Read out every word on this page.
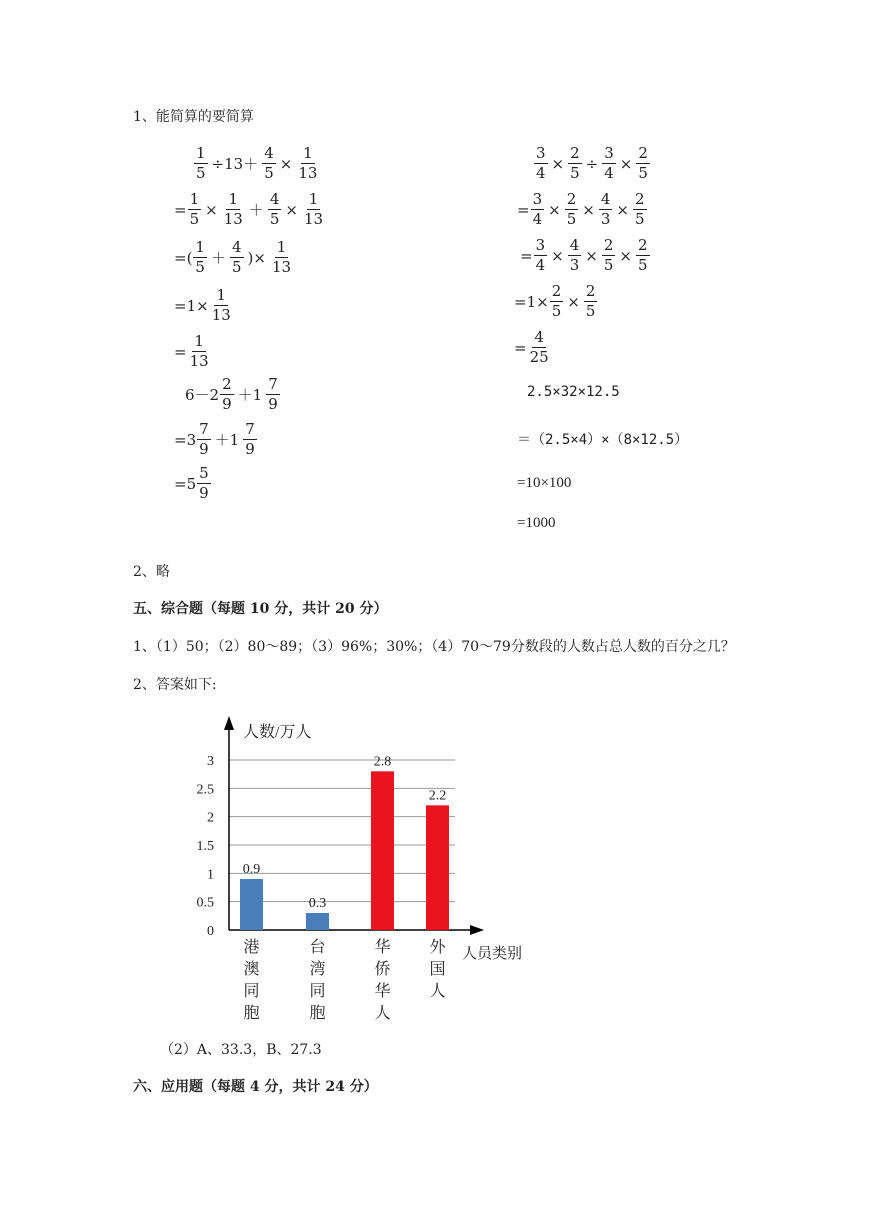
1、能简算的要简算
$\frac{1}{5} \div 13+ \frac{4}{5} \times \frac{1}{13}$
= $\frac{1}{5} \times \frac{1}{13} + \frac{4}{5} \times \frac{1}{13}$
=( $\frac{1}{5} + \frac{4}{5}$ )× $\frac{1}{13}$
$=1\times \frac{1}{13}$
= $\frac{1}{13}$
$6-2 \frac{2}{9} +1 \frac{7}{9}$
$=3 \frac{7}{9} +1 \frac{7}{9}$
$=5 \frac{5}{9}$
$\frac{3}{4} \times \frac{2}{5} \div \frac{3}{4} \times \frac{2}{5}$
= $\frac{3}{4} \times \frac{2}{5} \times \frac{4}{3} \times \frac{2}{5}$
= $\frac{3}{4} \times \frac{4}{3} \times \frac{2}{5} \times \frac{2}{5}$
$=1\times \frac{2}{5} \times \frac{2}{5}$
= $\frac{4}{25}$
2.5×32×12.5
＝（2.5×4）×（8×12.5）
=10×100
=1000
2、略
五、综合题（每题 10 分，共计 20 分）
1、（1）50；（2）80～89；（3）96%；30%；（4）70～79分数段的人数占总人数的百分之几？
2、答案如下:
0
0.5
1
1.5
2
2.5
3
人数/万人
人员类别
0.9
港
澳
同
胞
0.3
台
湾
同
胞
2.8
华
侨
华
人
2.2
外
国
人
（2）A、33.3，B、27.3
六、应用题（每题 4 分，共计 24 分）
